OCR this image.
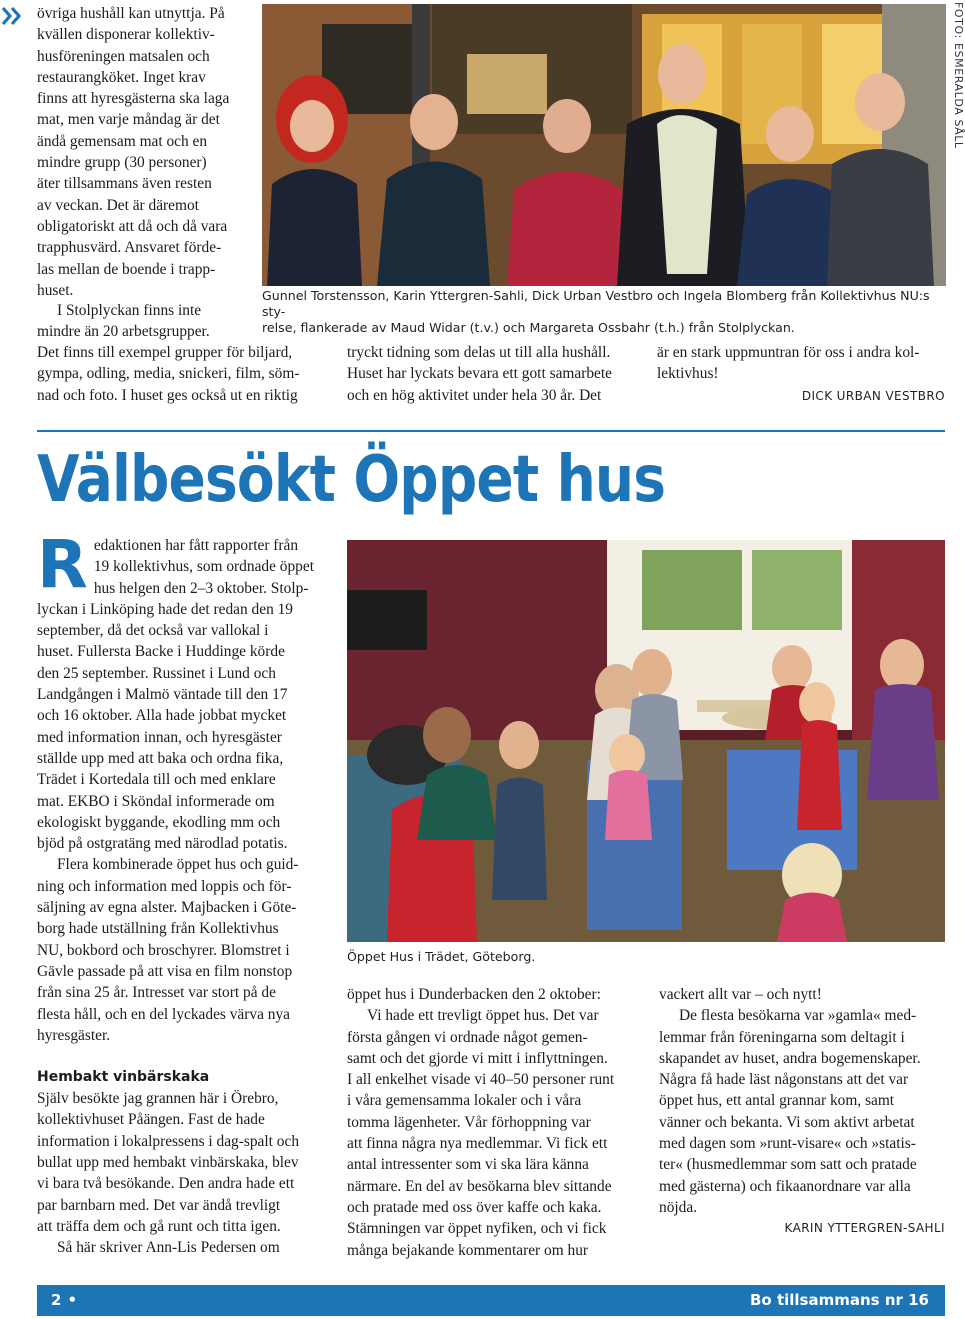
övriga hushåll kan utnyttja. På
kvällen disponerar kollektiv-
husföreningen matsalen och
restaurangköket. Inget krav
finns att hyresgästerna ska laga
mat, men varje måndag är det
ändå gemensam mat och en
mindre grupp (30 personer)
äter tillsammans även resten
av veckan. Det är däremot
obligatoriskt att då och då vara
trapphusvärd. Ansvaret förde-
las mellan de boende i trapp-
huset.

I Stolplyckan finns inte
mindre än 20 arbetsgrupper.

Det finns till exempel grupper för biljard,
gympa, odling, media, snickeri, film, söm-
nad och foto. I huset ges också ut en riktig

FOTO: ESMERALDA SÅLL
Gunnel Torstensson, Karin Yttergren-Sahli, Dick Urban Vestbro och Ingela Blomberg från Kollektivhus NU:s sty-
relse, flankerade av Maud Widar (t.v.) och Margareta Ossbahr (t.h.) från Stolplyckan.
tryckt tidning som delas ut till alla hushåll.
Huset har lyckats bevara ett gott samarbete
och en hög aktivitet under hela 30 år. Det

är en stark uppmuntran för oss i andra kol-
lektivhus!

DICK URBAN VESTBRO
Välbesökt Öppet hus
R edaktionen har fått rapporter från
19 kollektivhus, som ordnade öppet
hus helgen den 2–3 oktober. Stolp-

lyckan i Linköping hade det redan den 19
september, då det också var vallokal i
huset. Fullersta Backe i Huddinge körde
den 25 september. Russinet i Lund och
Landgången i Malmö väntade till den 17
och 16 oktober. Alla hade jobbat mycket
med information innan, och hyresgäster
ställde upp med att baka och ordna fika,
Trädet i Kortedala till och med enklare
mat. EKBO i Sköndal informerade om
ekologiskt byggande, ekodling mm och
bjöd på ostgratäng med närodlad potatis.

Flera kombinerade öppet hus och guid-
ning och information med loppis och för-
säljning av egna alster. Majbacken i Göte-
borg hade utställning från Kollektivhus
NU, bokbord och broschyrer. Blomstret i
Gävle passade på att visa en film nonstop
från sina 25 år. Intresset var stort på de
flesta håll, och en del lyckades värva nya
hyresgäster.

Hembakt vinbärskaka
Själv besökte jag grannen här i Örebro,
kollektivhuset Påängen. Fast de hade
information i lokalpressens i dag-spalt och
bullat upp med hembakt vinbärskaka, blev
vi bara två besökande. Den andra hade ett
par barnbarn med. Det var ändå trevligt
att träffa dem och gå runt och titta igen.

Så här skriver Ann-Lis Pedersen om
Öppet Hus i Trädet, Göteborg.
öppet hus i Dunderbacken den 2 oktober:

Vi hade ett trevligt öppet hus. Det var
första gången vi ordnade något gemen-
samt och det gjorde vi mitt i inflyttningen.
I all enkelhet visade vi 40–50 personer runt
i våra gemensamma lokaler och i våra
tomma lägenheter. Vår förhoppning var
att finna några nya medlemmar. Vi fick ett
antal intressenter som vi ska lära känna
närmare. En del av besökarna blev sittande
och pratade med oss över kaffe och kaka.
Stämningen var öppet nyfiken, och vi fick
många bejakande kommentarer om hur

vackert allt var – och nytt!

De flesta besökarna var »gamla« med-
lemmar från föreningarna som deltagit i
skapandet av huset, andra bogemenskaper.
Några få hade läst någonstans att det var
öppet hus, ett antal grannar kom, samt
vänner och bekanta. Vi som aktivt arbetat
med dagen som »runt-visare« och »statis-
ter« (husmedlemmar som satt och pratade
med gästerna) och fikaanordnare var alla
nöjda.

KARIN YTTERGREN-SAHLI
2 •	Bo tillsammans nr 16
